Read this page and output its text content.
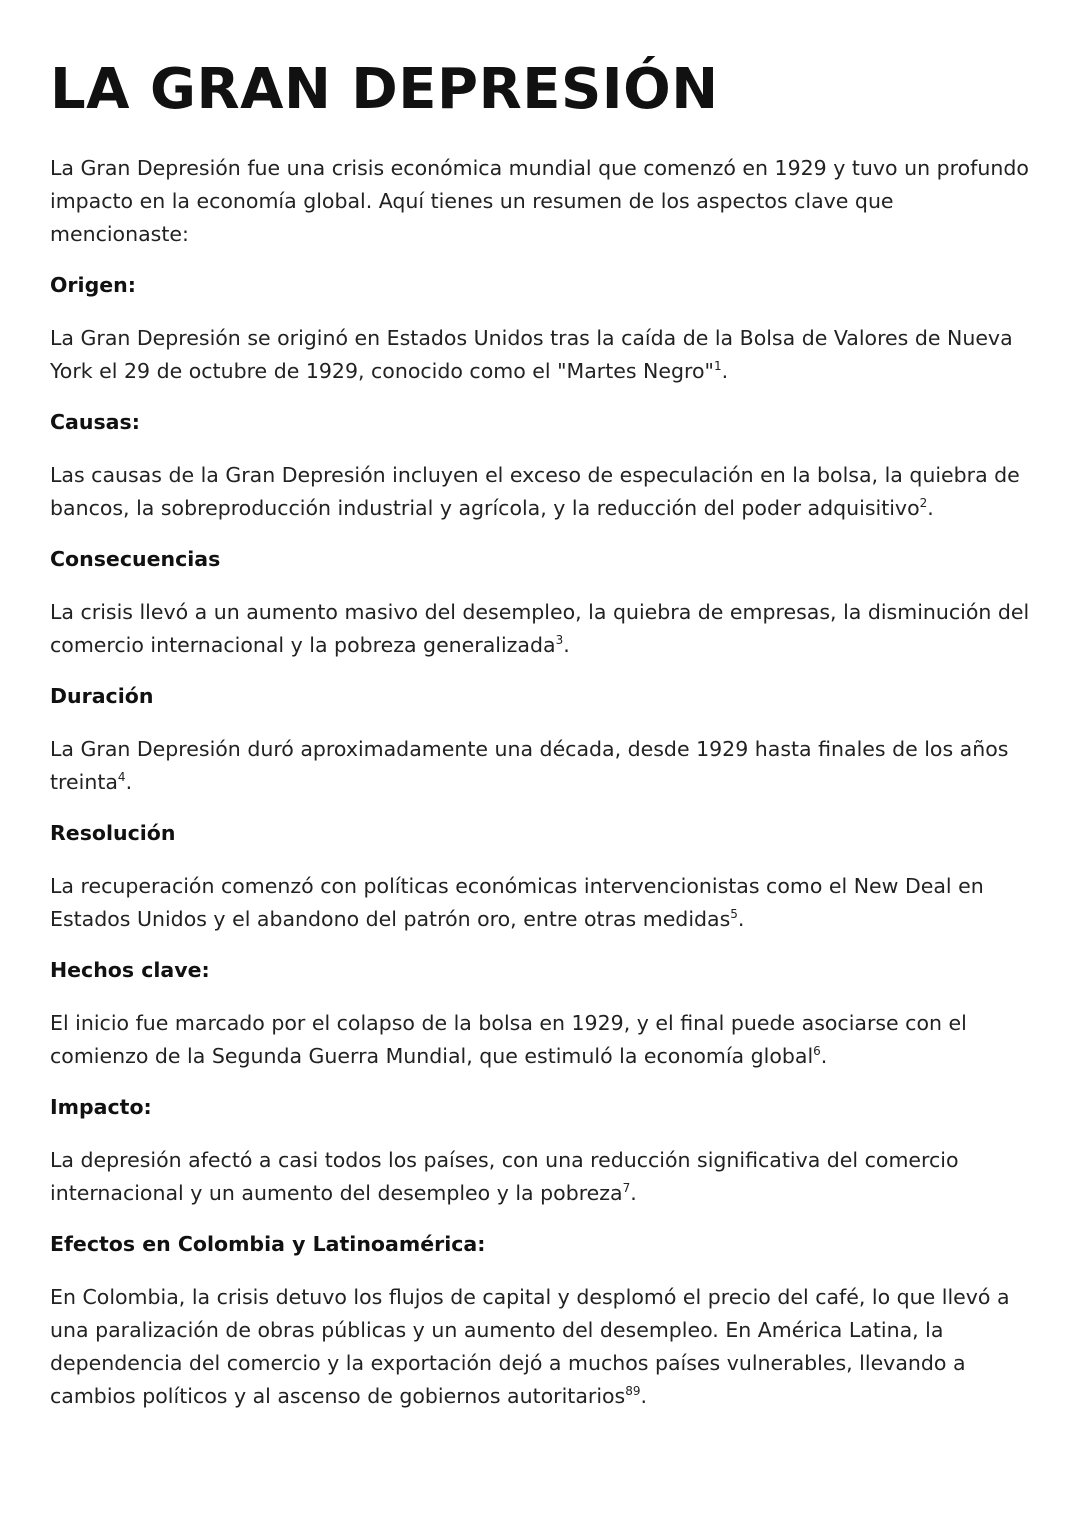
LA GRAN DEPRESIÓN

La Gran Depresión fue una crisis económica mundial que comenzó en 1929 y tuvo un profundo impacto en la economía global. Aquí tienes un resumen de los aspectos clave que mencionaste:

Origen:

La Gran Depresión se originó en Estados Unidos tras la caída de la Bolsa de Valores de Nueva York el 29 de octubre de 1929, conocido como el "Martes Negro"$^1$.

Causas:

Las causas de la Gran Depresión incluyen el exceso de especulación en la bolsa, la quiebra de bancos, la sobreproducción industrial y agrícola, y la reducción del poder adquisitivo$^2$.

Consecuencias

La crisis llevó a un aumento masivo del desempleo, la quiebra de empresas, la disminución del comercio internacional y la pobreza generalizada$^3$.

Duración

La Gran Depresión duró aproximadamente una década, desde 1929 hasta finales de los años treinta$^4$.

Resolución

La recuperación comenzó con políticas económicas intervencionistas como el New Deal en Estados Unidos y el abandono del patrón oro, entre otras medidas$^5$.

Hechos clave:

El inicio fue marcado por el colapso de la bolsa en 1929, y el final puede asociarse con el comienzo de la Segunda Guerra Mundial, que estimuló la economía global$^6$.

Impacto:

La depresión afectó a casi todos los países, con una reducción significativa del comercio internacional y un aumento del desempleo y la pobreza$^7$.

Efectos en Colombia y Latinoamérica:

En Colombia, la crisis detuvo los flujos de capital y desplomó el precio del café, lo que llevó a una paralización de obras públicas y un aumento del desempleo. En América Latina, la dependencia del comercio y la exportación dejó a muchos países vulnerables, llevando a cambios políticos y al ascenso de gobiernos autoritarios$^{89}$.
